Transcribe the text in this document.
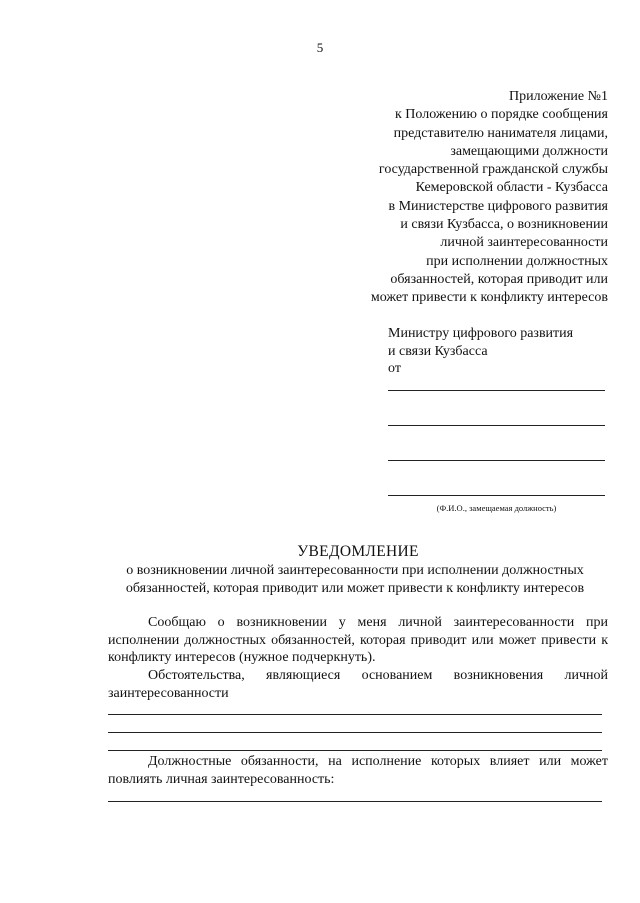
5
Приложение №1
к Положению о порядке сообщения
представителю нанимателя лицами,
замещающими должности
государственной гражданской службы
Кемеровской области - Кузбасса
в Министерстве цифрового развития
и связи Кузбасса, о возникновении
личной заинтересованности
при исполнении должностных
обязанностей, которая приводит или
может привести к конфликту интересов
Министру цифрового развития
и связи Кузбасса
от
(Ф.И.О., замещаемая должность)
УВЕДОМЛЕНИЕ
о возникновении личной заинтересованности при исполнении должностных обязанностей, которая приводит или может привести к конфликту интересов
Сообщаю о возникновении у меня личной заинтересованности при исполнении должностных обязанностей, которая приводит или может привести к конфликту интересов (нужное подчеркнуть).
Обстоятельства, являющиеся основанием возникновения личной заинтересованности
Должностные обязанности, на исполнение которых влияет или может повлиять личная заинтересованность:
